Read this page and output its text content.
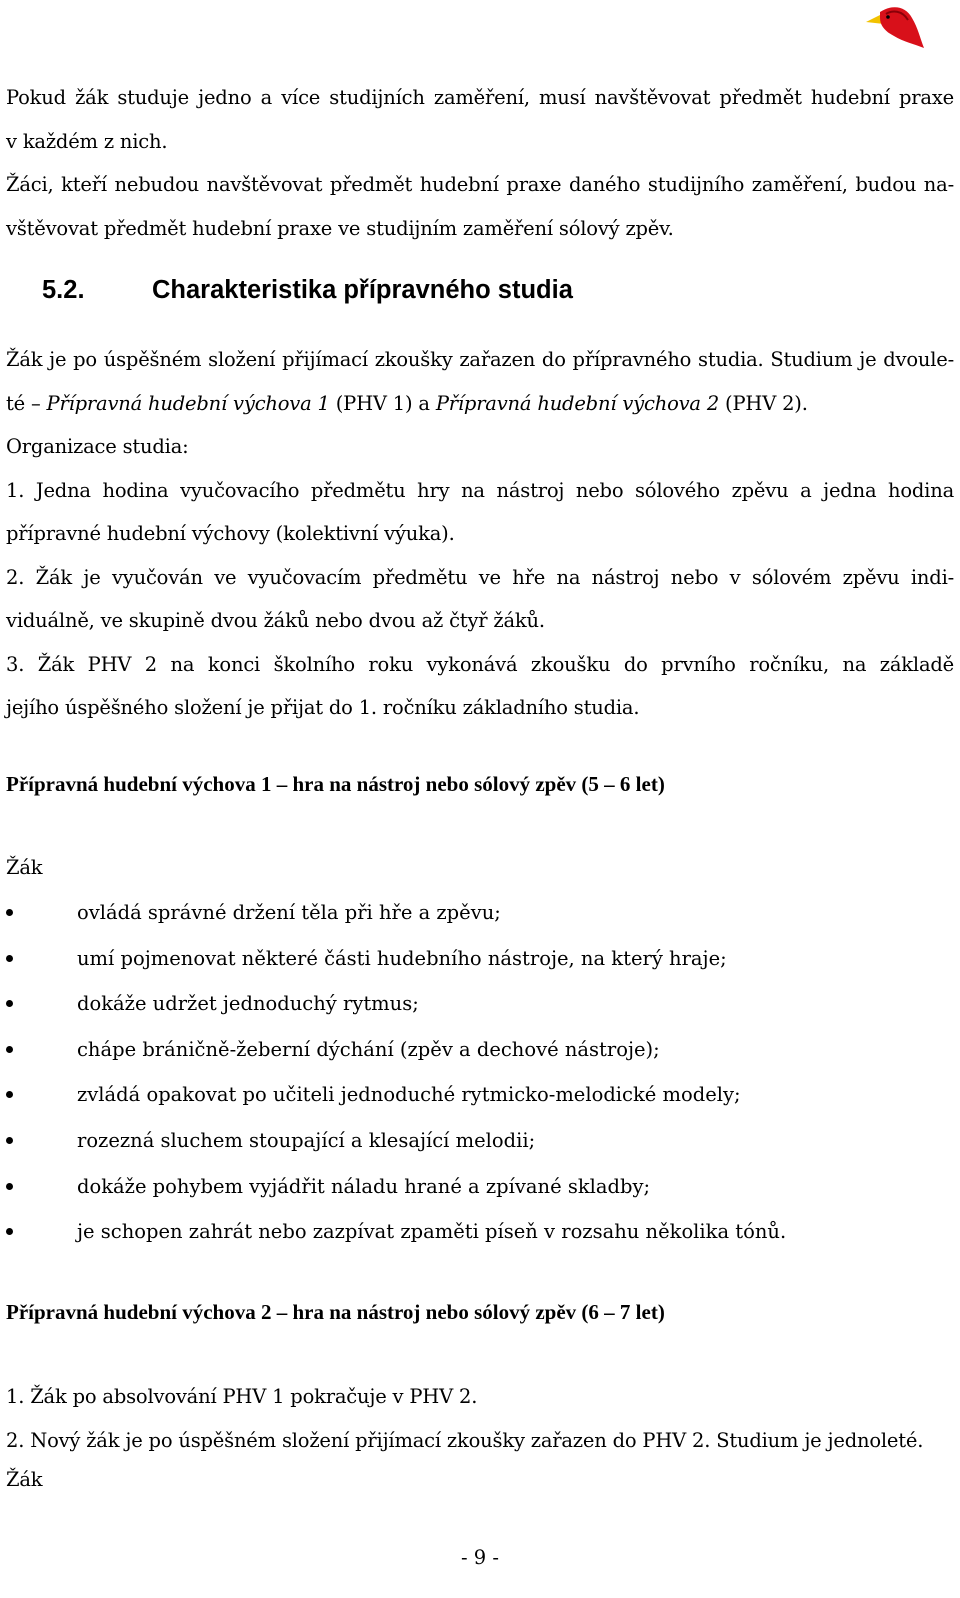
Pokud žák studuje jedno a více studijních zaměření, musí navštěvovat předmět hudební praxe
v každém z nich.
Žáci, kteří nebudou navštěvovat předmět hudební praxe daného studijního zaměření, budou na-
vštěvovat předmět hudební praxe ve studijním zaměření sólový zpěv.
5.2.	Charakteristika přípravného studia
Žák je po úspěšném složení přijímací zkoušky zařazen do přípravného studia. Studium je dvoule-
té – Přípravná hudební výchova 1 (PHV 1) a Přípravná hudební výchova 2 (PHV 2).
Organizace studia:
1. Jedna hodina vyučovacího předmětu hry na nástroj nebo sólového zpěvu a jedna hodina
přípravné hudební výchovy (kolektivní výuka).
2. Žák je vyučován ve vyučovacím předmětu ve hře na nástroj nebo v sólovém zpěvu indi-
viduálně, ve skupině dvou žáků nebo dvou až čtyř žáků.
3. Žák PHV 2 na konci školního roku vykonává zkoušku do prvního ročníku, na základě
jejího úspěšného složení je přijat do 1. ročníku základního studia.
Přípravná hudební výchova 1 – hra na nástroj nebo sólový zpěv (5 – 6 let)
Žák
ovládá správné držení těla při hře a zpěvu;
umí pojmenovat některé části hudebního nástroje, na který hraje;
dokáže udržet jednoduchý rytmus;
chápe bráničně-žeberní dýchání (zpěv a dechové nástroje);
zvládá opakovat po učiteli jednoduché rytmicko-melodické modely;
rozezná sluchem stoupající a klesající melodii;
dokáže pohybem vyjádřit náladu hrané a zpívané skladby;
je schopen zahrát nebo zazpívat zpaměti píseň v rozsahu několika tónů.
Přípravná hudební výchova 2 – hra na nástroj nebo sólový zpěv (6 – 7 let)
1. Žák po absolvování PHV 1 pokračuje v PHV 2.
2. Nový žák je po úspěšném složení přijímací zkoušky zařazen do PHV 2. Studium je jednoleté.
Žák
- 9 -
